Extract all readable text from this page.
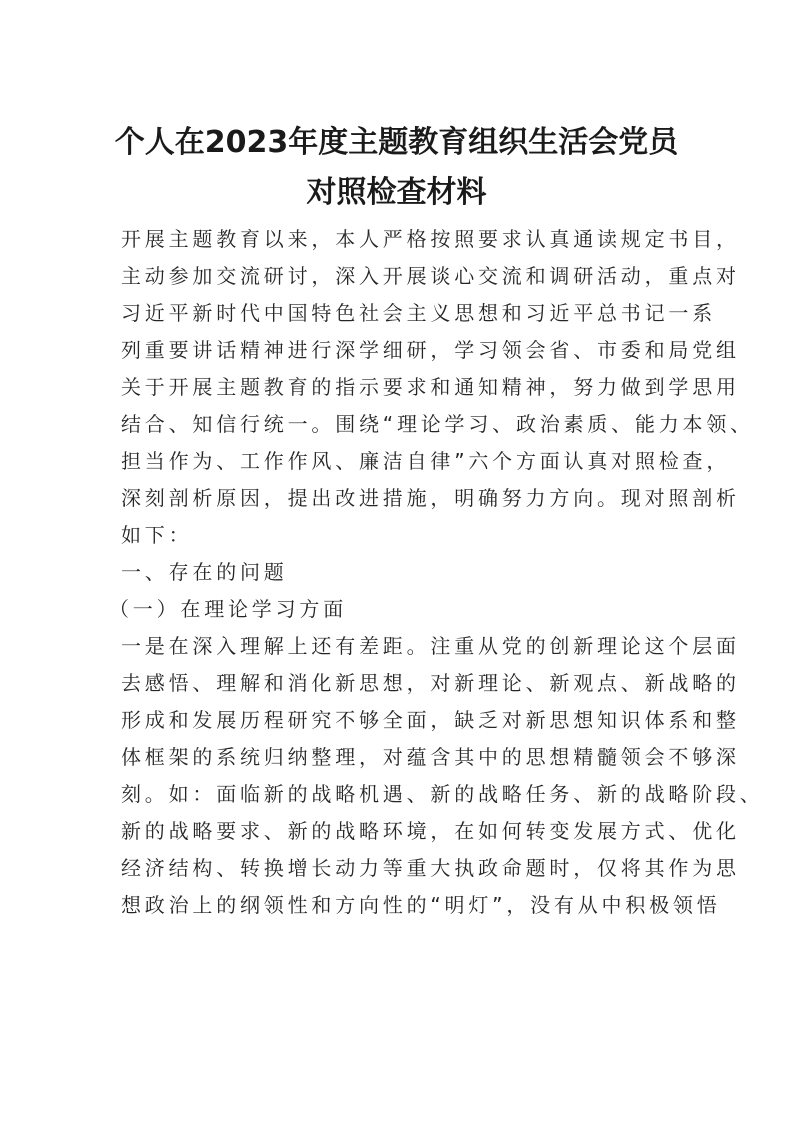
个人在2023年度主题教育组织生活会党员
对照检查材料
开展主题教育以来，本人严格按照要求认真通读规定书目，
主动参加交流研讨，深入开展谈心交流和调研活动，重点对
习近平新时代中国特色社会主义思想和习近平总书记一系
列重要讲话精神进行深学细研，学习领会省、市委和局党组
关于开展主题教育的指示要求和通知精神，努力做到学思用
结合、知信行统一。围绕“理论学习、政治素质、能力本领、
担当作为、工作作风、廉洁自律”六个方面认真对照检查，
深刻剖析原因，提出改进措施，明确努力方向。现对照剖析
如下：
一、存在的问题
（一）在理论学习方面
一是在深入理解上还有差距。注重从党的创新理论这个层面
去感悟、理解和消化新思想，对新理论、新观点、新战略的
形成和发展历程研究不够全面，缺乏对新思想知识体系和整
体框架的系统归纳整理，对蕴含其中的思想精髓领会不够深
刻。如：面临新的战略机遇、新的战略任务、新的战略阶段、
新的战略要求、新的战略环境，在如何转变发展方式、优化
经济结构、转换增长动力等重大执政命题时，仅将其作为思
想政治上的纲领性和方向性的“明灯”，没有从中积极领悟
